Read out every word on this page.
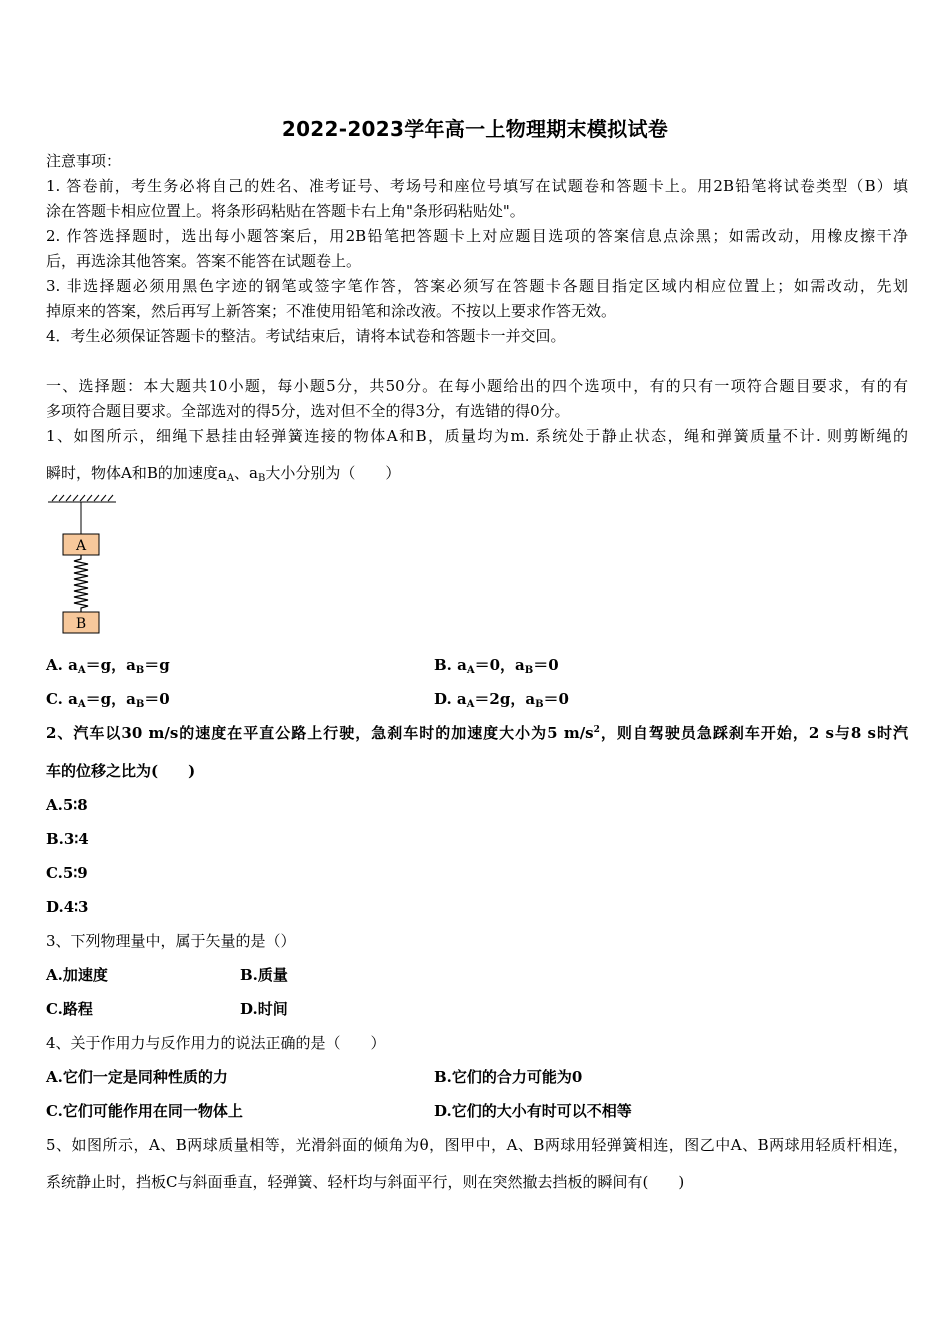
2022-2023学年高一上物理期末模拟试卷
注意事项：
1. 答卷前，考生务必将自己的姓名、准考证号、考场号和座位号填写在试题卷和答题卡上。用2B铅笔将试卷类型（B）填
涂在答题卡相应位置上。将条形码粘贴在答题卡右上角"条形码粘贴处"。
2. 作答选择题时，选出每小题答案后，用2B铅笔把答题卡上对应题目选项的答案信息点涂黑；如需改动，用橡皮擦干净
后，再选涂其他答案。答案不能答在试题卷上。
3. 非选择题必须用黑色字迹的钢笔或签字笔作答，答案必须写在答题卡各题目指定区域内相应位置上；如需改动，先划
掉原来的答案，然后再写上新答案；不准使用铅笔和涂改液。不按以上要求作答无效。
4．考生必须保证答题卡的整洁。考试结束后，请将本试卷和答题卡一并交回。
一、选择题：本大题共10小题，每小题5分，共50分。在每小题给出的四个选项中，有的只有一项符合题目要求，有的有
多项符合题目要求。全部选对的得5分，选对但不全的得3分，有选错的得0分。
1、如图所示，细绳下悬挂由轻弹簧连接的物体A和B，质量均为m. 系统处于静止状态，绳和弹簧质量不计. 则剪断绳的
瞬时，物体A和B的加速度$a_A$、$a_B$大小分别为（　　）
A
B
A. $a_A=g$，$a_B=g$	B. $a_A=0$，$a_B=0$
C. $a_A=g$，$a_B=0$	D. $a_A=2g$，$a_B=0$
2、汽车以30 m/s的速度在平直公路上行驶，急刹车时的加速度大小为5 $m/s^2$，则自驾驶员急踩刹车开始，2 s与8 s时汽
车的位移之比为(　　)
A.5∶8
B.3∶4
C.5∶9
D.4∶3
3、下列物理量中，属于矢量的是（）
A.加速度	B.质量
C.路程	D.时间
4、关于作用力与反作用力的说法正确的是（　　）
A.它们一定是同种性质的力	B.它们的合力可能为0
C.它们可能作用在同一物体上	D.它们的大小有时可以不相等
5、如图所示，A、B两球质量相等，光滑斜面的倾角为θ，图甲中，A、B两球用轻弹簧相连，图乙中A、B两球用轻质杆相连，
系统静止时，挡板C与斜面垂直，轻弹簧、轻杆均与斜面平行，则在突然撤去挡板的瞬间有(　　)
